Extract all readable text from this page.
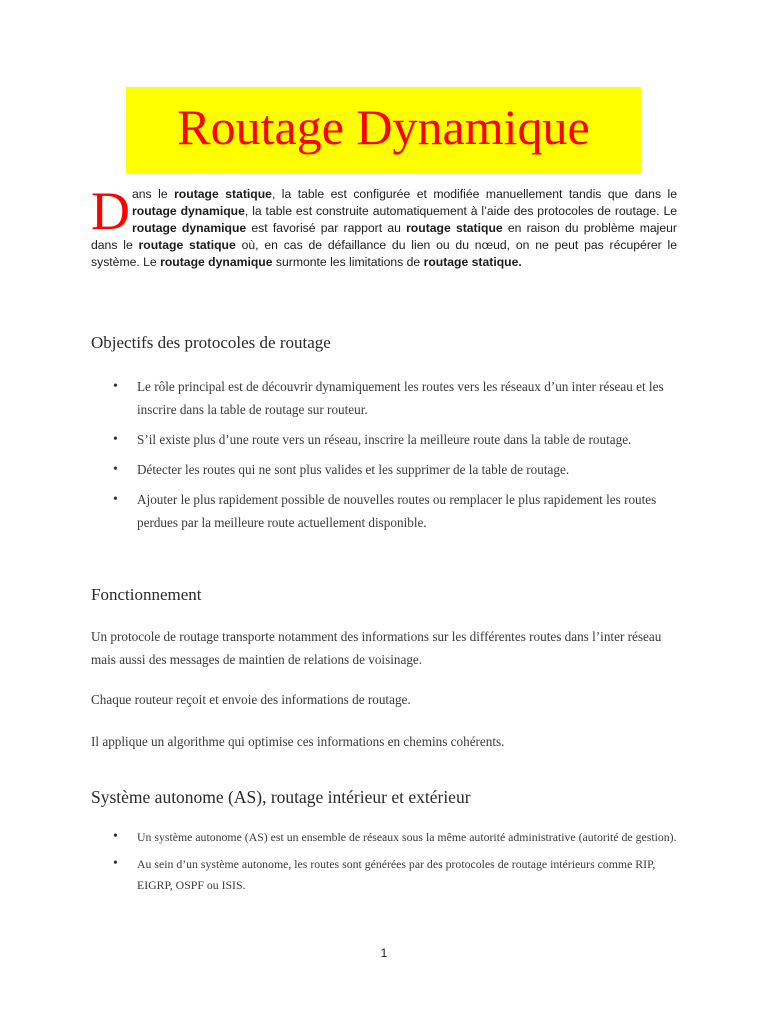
Routage Dynamique
D ans le routage statique, la table est configurée et modifiée manuellement tandis que dans le routage dynamique, la table est construite automatiquement à l’aide des protocoles de routage. Le routage dynamique est favorisé par rapport au routage statique en raison du problème majeur dans le routage statique où, en cas de défaillance du lien ou du nœud, on ne peut pas récupérer le système. Le routage dynamique surmonte les limitations de routage statique.
Objectifs des protocoles de routage
• Le rôle principal est de découvrir dynamiquement les routes vers les réseaux d’un inter réseau et les inscrire dans la table de routage sur routeur.
• S’il existe plus d’une route vers un réseau, inscrire la meilleure route dans la table de routage.
• Détecter les routes qui ne sont plus valides et les supprimer de la table de routage.
• Ajouter le plus rapidement possible de nouvelles routes ou remplacer le plus rapidement les routes perdues par la meilleure route actuellement disponible.
Fonctionnement

Un protocole de routage transporte notamment des informations sur les différentes routes dans l’inter réseau mais aussi des messages de maintien de relations de voisinage.

Chaque routeur reçoit et envoie des informations de routage.

Il applique un algorithme qui optimise ces informations en chemins cohérents.

Système autonome (AS), routage intérieur et extérieur
• Un système autonome (AS) est un ensemble de réseaux sous la même autorité administrative (autorité de gestion).
• Au sein d’un système autonome, les routes sont générées par des protocoles de routage intérieurs comme RIP, EIGRP, OSPF ou ISIS.
1
